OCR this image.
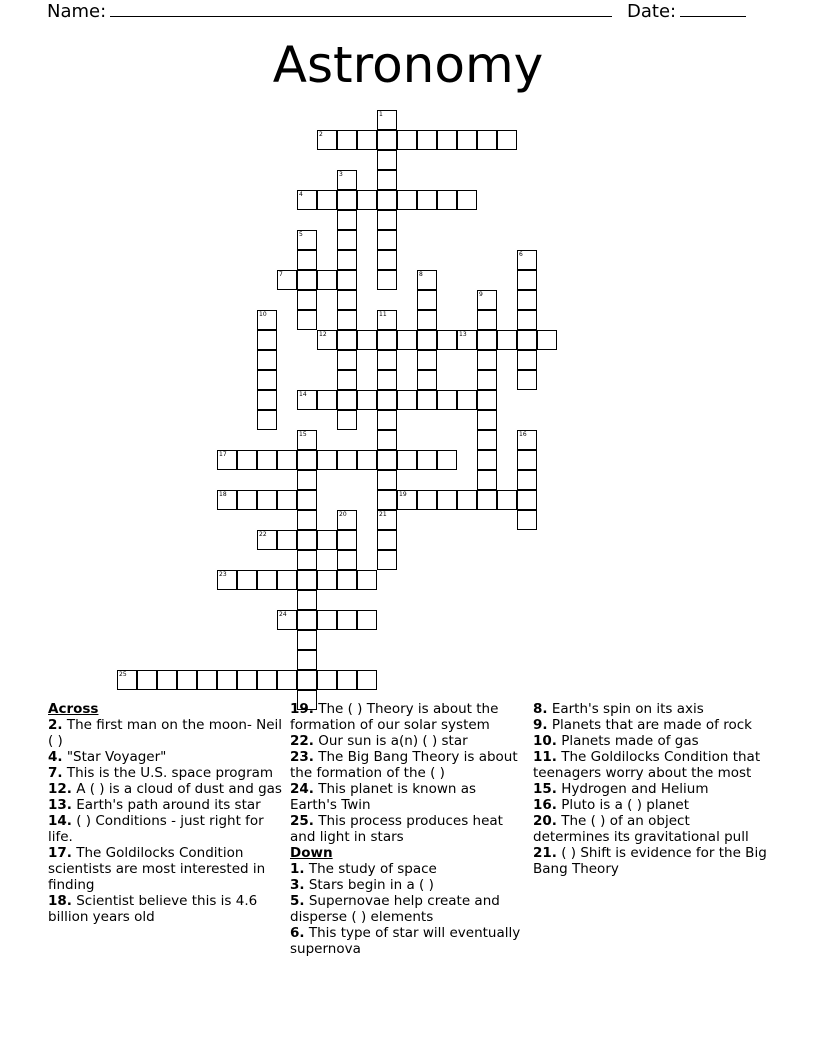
Name:	Date:
Astronomy
1
2
3
4
5
6
7	8
9
10	11
12	13
14
15	16
17
18	19
20	21
22
23
24
25
Across
2. The first man on the moon- Neil ( )
4. "Star Voyager"
7. This is the U.S. space program
12. A ( ) is a cloud of dust and gas
13. Earth's path around its star
14. ( ) Conditions - just right for life.
17. The Goldilocks Condition scientists are most interested in finding
18. Scientist believe this is 4.6 billion years old
19. The ( ) Theory is about the formation of our solar system
22. Our sun is a(n) ( ) star
23. The Big Bang Theory is about the formation of the ( )
24. This planet is known as Earth's Twin
25. This process produces heat and light in stars
Down
1. The study of space
3. Stars begin in a ( )
5. Supernovae help create and disperse ( ) elements
6. This type of star will eventually supernova
8. Earth's spin on its axis
9. Planets that are made of rock
10. Planets made of gas
11. The Goldilocks Condition that teenagers worry about the most
15. Hydrogen and Helium
16. Pluto is a ( ) planet
20. The ( ) of an object determines its gravitational pull
21. ( ) Shift is evidence for the Big Bang Theory
